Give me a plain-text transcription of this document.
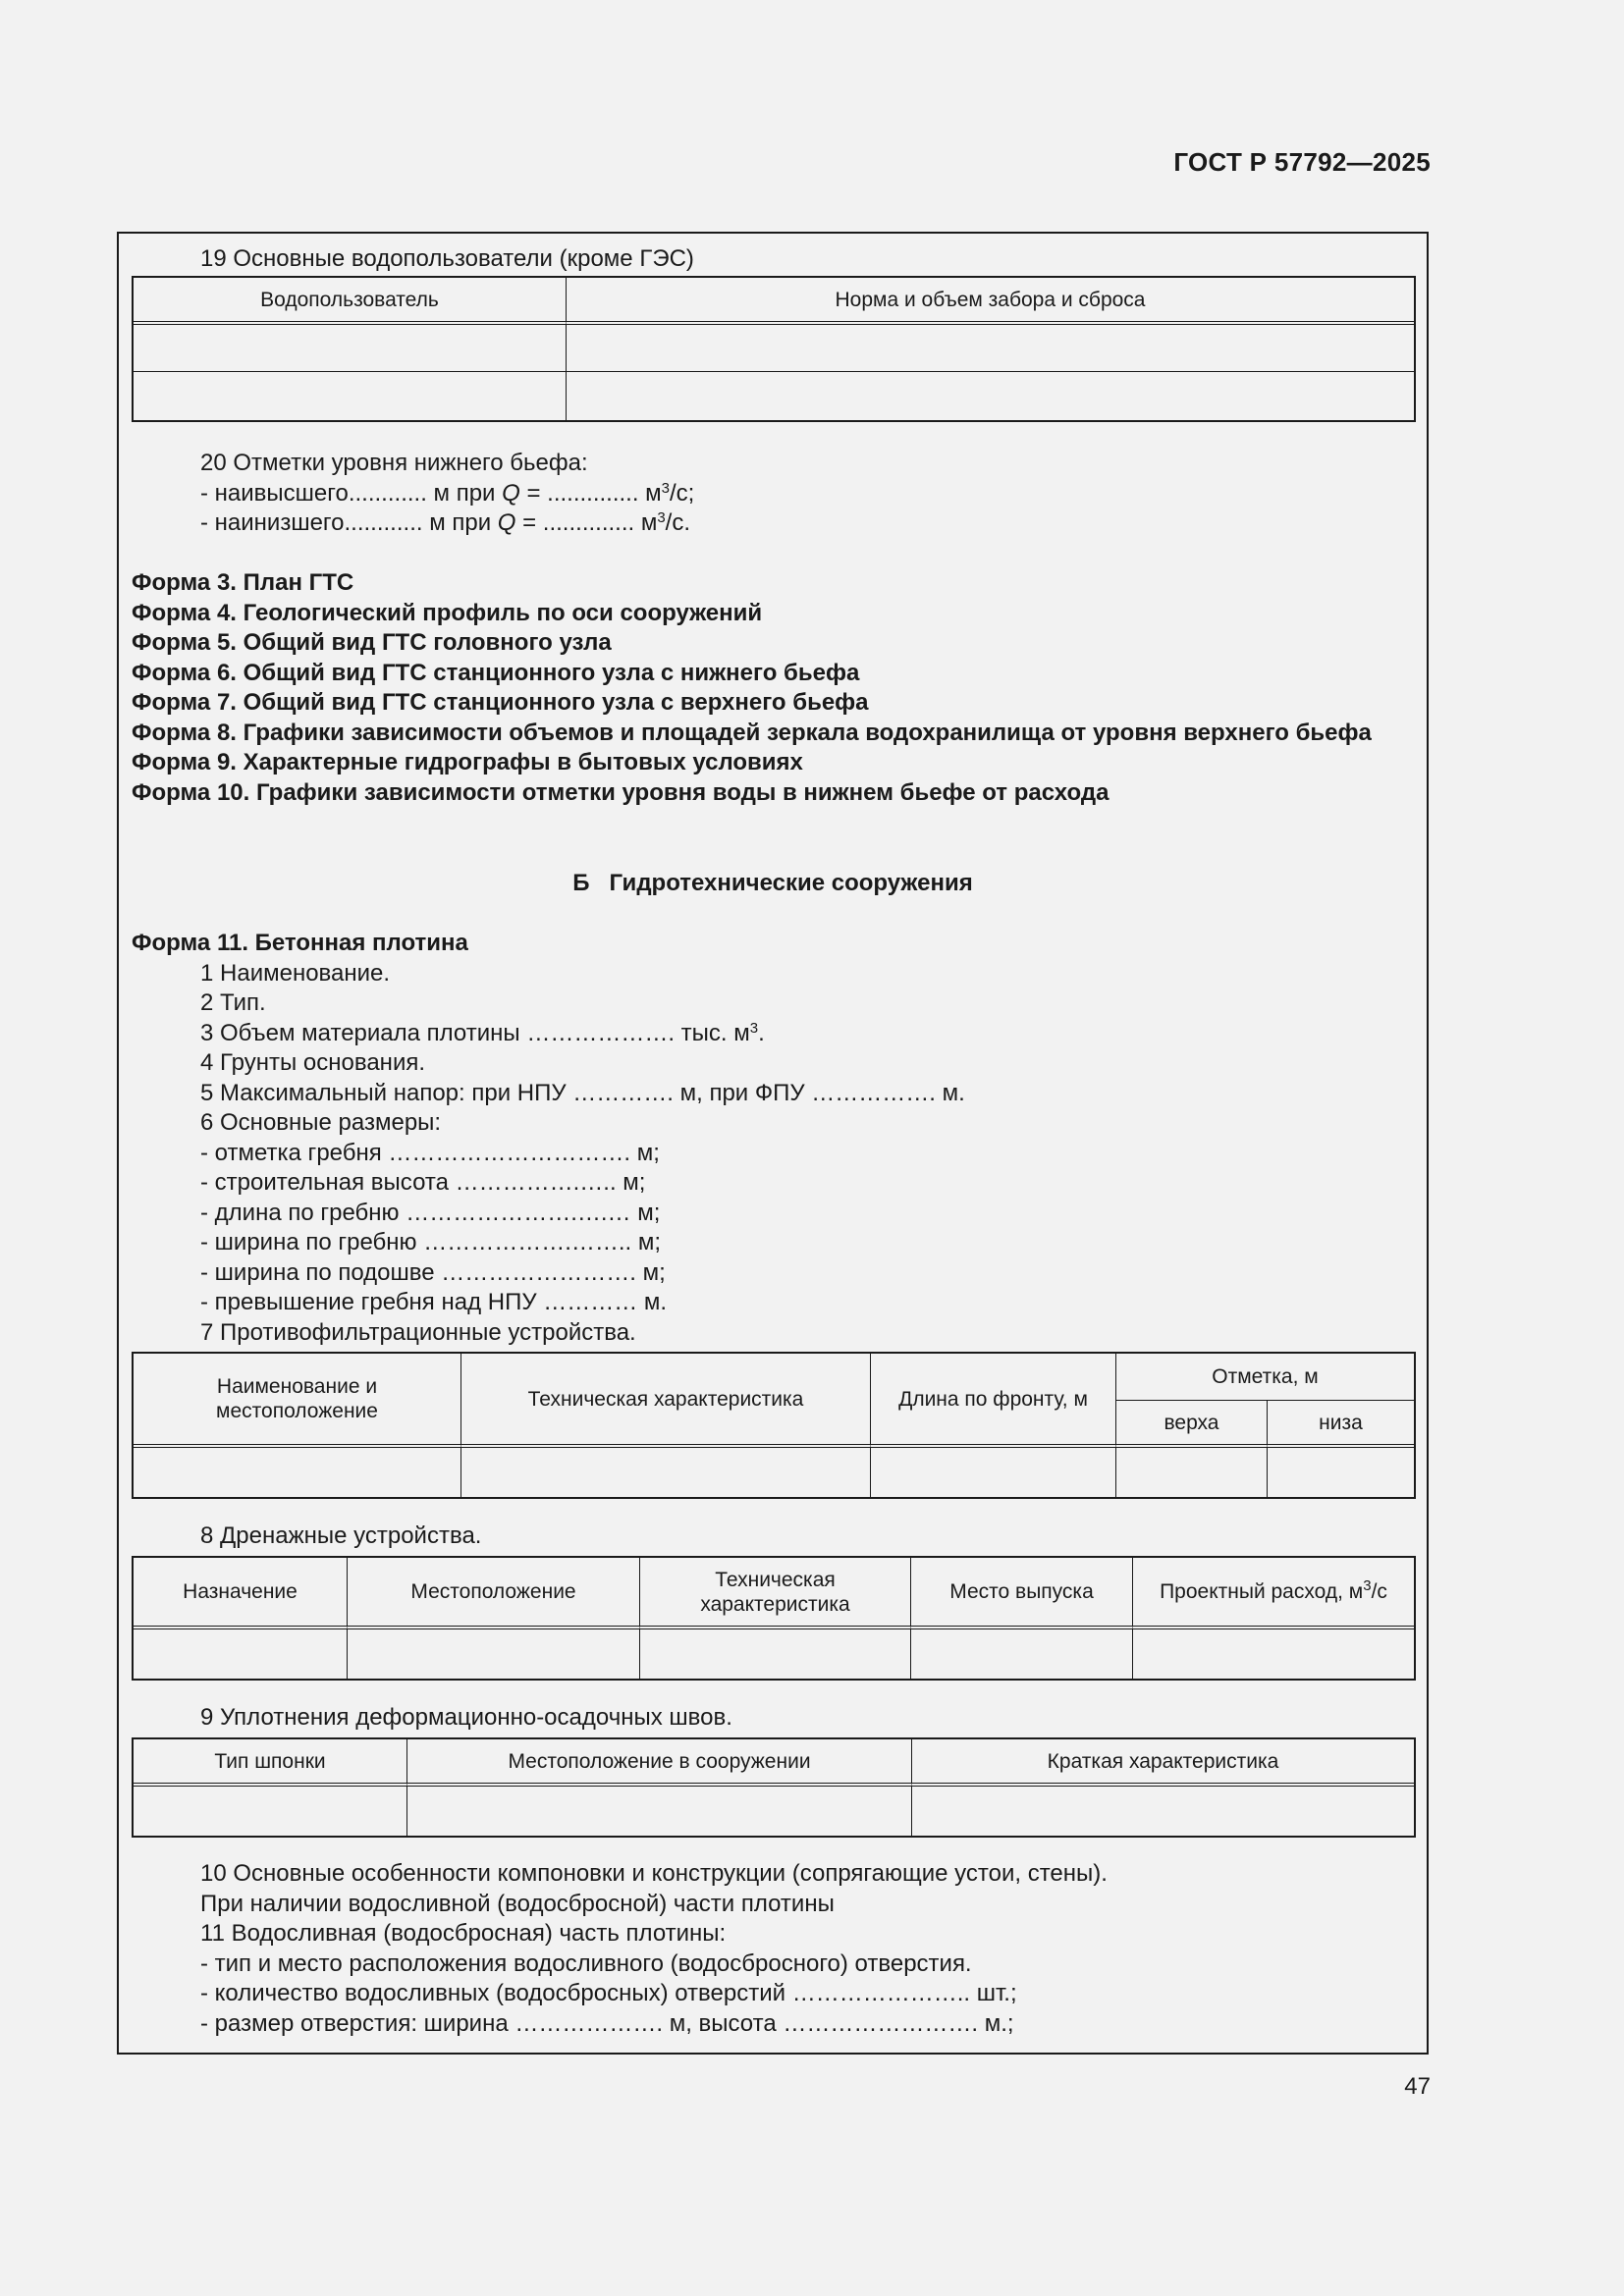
ГОСТ Р 57792—2025
19 Основные водопользователи (кроме ГЭС)
Водопользователь	Норма и объем забора и сброса

20 Отметки уровня нижнего бьефа:
- наивысшего............ м при Q = .............. $м^3/с$;
- наинизшего............ м при Q = .............. $м^3/с$.
Форма 3. План ГТС
Форма 4. Геологический профиль по оси сооружений
Форма 5. Общий вид ГТС головного узла
Форма 6. Общий вид ГТС станционного узла с нижнего бьефа
Форма 7. Общий вид ГТС станционного узла с верхнего бьефа
Форма 8. Графики зависимости объемов и площадей зеркала водохранилища от уровня верхнего бьефа
Форма 9. Характерные гидрографы в бытовых условиях
Форма 10. Графики зависимости отметки уровня воды в нижнем бьефе от расхода
Б   Гидротехнические сооружения
Форма 11. Бетонная плотина
1 Наименование.
2 Тип.
3 Объем материала плотины ………………. тыс. $м^3$.
4 Грунты основания.
5 Максимальный напор: при НПУ …………. м, при ФПУ ……………. м.
6 Основные размеры:
- отметка гребня …………………………. м;
- строительная высота …………….….. м;
- длина по гребню ………………….….… м;
- ширина по гребню ……………….…….. м;
- ширина по подошве ……………………. м;
- превышение гребня над НПУ ………… м.
7 Противофильтрационные устройства.
Наименование и местоположение	Техническая характеристика	Длина по фронту, м	Отметка, м	
			верха	низа

8 Дренажные устройства.
Назначение	Местоположение	Техническая характеристика	Место выпуска	Проектный расход, $м^3/с$

9 Уплотнения деформационно-осадочных швов.
Тип шпонки	Местоположение в сооружении	Краткая характеристика

10 Основные особенности компоновки и конструкции (сопрягающие устои, стены).
При наличии водосливной (водосбросной) части плотины
11 Водосливная (водосбросная) часть плотины:
- тип и место расположения водосливного (водосбросного) отверстия.
- количество водосливных (водосбросных) отверстий ………………….. шт.;
- размер отверстия: ширина ………………. м, высота ……………………. м.;
47
